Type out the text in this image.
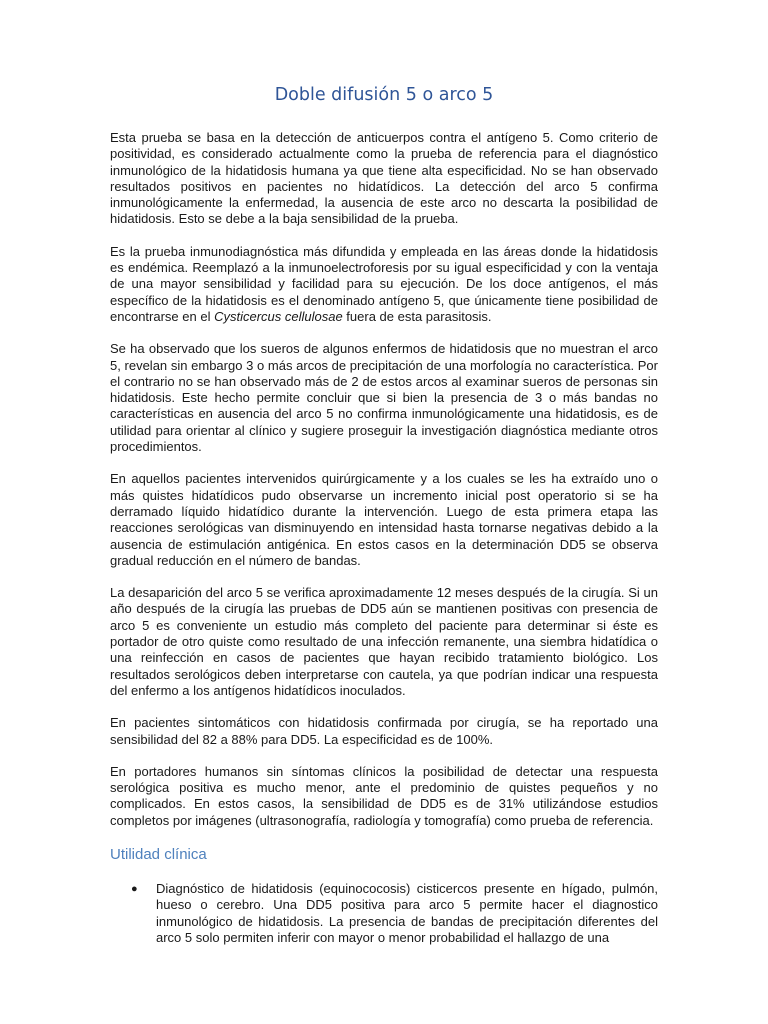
Doble difusión 5 o arco 5

Esta prueba se basa en la detección de anticuerpos contra el antígeno 5. Como criterio de positividad, es considerado actualmente como la prueba de referencia para el diagnóstico inmunológico de la hidatidosis humana ya que tiene alta especificidad. No se han observado resultados positivos en pacientes no hidatídicos. La detección del arco 5 confirma inmunológicamente la enfermedad, la ausencia de este arco no descarta la posibilidad de hidatidosis. Esto se debe a la baja sensibilidad de la prueba.

Es la prueba inmunodiagnóstica más difundida y empleada en las áreas donde la hidatidosis es endémica. Reemplazó a la inmunoelectroforesis por su igual especificidad y con la ventaja de una mayor sensibilidad y facilidad para su ejecución. De los doce antígenos, el más específico de la hidatidosis es el denominado antígeno 5, que únicamente tiene posibilidad de encontrarse en el Cysticercus cellulosae fuera de esta parasitosis.

Se ha observado que los sueros de algunos enfermos de hidatidosis que no muestran el arco 5, revelan sin embargo 3 o más arcos de precipitación de una morfología no característica. Por el contrario no se han observado más de 2 de estos arcos al examinar sueros de personas sin hidatidosis. Este hecho permite concluir que si bien la presencia de 3 o más bandas no características en ausencia del arco 5 no confirma inmunológicamente una hidatidosis, es de utilidad para orientar al clínico y sugiere proseguir la investigación diagnóstica mediante otros procedimientos.

En aquellos pacientes intervenidos quirúrgicamente y a los cuales se les ha extraído uno o más quistes hidatídicos pudo observarse un incremento inicial post operatorio si se ha derramado líquido hidatídico durante la intervención. Luego de esta primera etapa las reacciones serológicas van disminuyendo en intensidad hasta tornarse negativas debido a la ausencia de estimulación antigénica. En estos casos en la determinación DD5 se observa gradual reducción en el número de bandas.

La desaparición del arco 5 se verifica aproximadamente 12 meses después de la cirugía. Si un año después de la cirugía las pruebas de DD5 aún se mantienen positivas con presencia de arco 5 es conveniente un estudio más completo del paciente para determinar si éste es portador de otro quiste como resultado de una infección remanente, una siembra hidatídica o una reinfección en casos de pacientes que hayan recibido tratamiento biológico. Los resultados serológicos deben interpretarse con cautela, ya que podrían indicar una respuesta del enfermo a los antígenos hidatídicos inoculados.

En pacientes sintomáticos con hidatidosis confirmada por cirugía, se ha reportado una sensibilidad del 82 a 88% para DD5. La especificidad es de 100%.

En portadores humanos sin síntomas clínicos la posibilidad de detectar una respuesta serológica positiva es mucho menor, ante el predominio de quistes pequeños y no complicados. En estos casos, la sensibilidad de DD5 es de 31% utilizándose estudios completos por imágenes (ultrasonografía, radiología y tomografía) como prueba de referencia.

Utilidad clínica
● Diagnóstico de hidatidosis (equinococosis) cisticercos presente en hígado, pulmón, hueso o cerebro. Una DD5 positiva para arco 5 permite hacer el diagnostico inmunológico de hidatidosis. La presencia de bandas de precipitación diferentes del arco 5 solo permiten inferir con mayor o menor probabilidad el hallazgo de una
